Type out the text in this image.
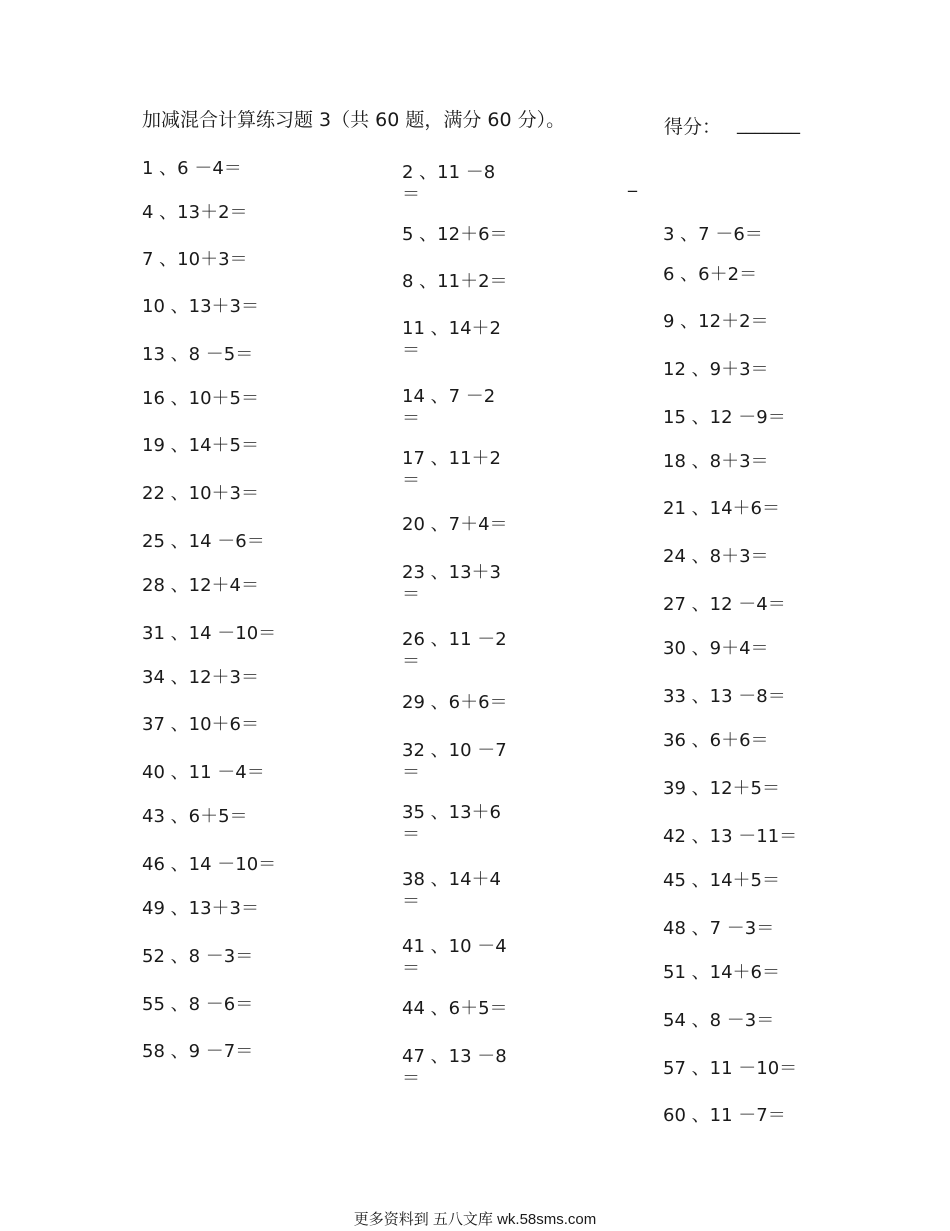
加减混合计算练习题 3（共 60 题，满分 60 分）。	得分： _______
_
1 、6 －4＝
4 、13＋2＝
7 、10＋3＝
10 、13＋3＝
13 、8 －5＝
16 、10＋5＝
19 、14＋5＝
22 、10＋3＝
25 、14 －6＝
28 、12＋4＝
31 、14 －10＝
34 、12＋3＝
37 、10＋6＝
40 、11 －4＝
43 、6＋5＝
46 、14 －10＝
49 、13＋3＝
52 、8 －3＝
55 、8 －6＝
58 、9 －7＝
2 、11 －8
＝
5 、12＋6＝
8 、11＋2＝
11 、14＋2
＝
14 、7 －2
＝
17 、11＋2
＝
20 、7＋4＝
23 、13＋3
＝
26 、11 －2
＝
29 、6＋6＝
32 、10 －7
＝
35 、13＋6
＝
38 、14＋4
＝
41 、10 －4
＝
44 、6＋5＝
47 、13 －8
＝
3 、7 －6＝
6 、6＋2＝
9 、12＋2＝
12 、9＋3＝
15 、12 －9＝
18 、8＋3＝
21 、14＋6＝
24 、8＋3＝
27 、12 －4＝
30 、9＋4＝
33 、13 －8＝
36 、6＋6＝
39 、12＋5＝
42 、13 －11＝
45 、14＋5＝
48 、7 －3＝
51 、14＋6＝
54 、8 －3＝
57 、11 －10＝
60 、11 －7＝
更多资料到 五八文库 wk.58sms.com
